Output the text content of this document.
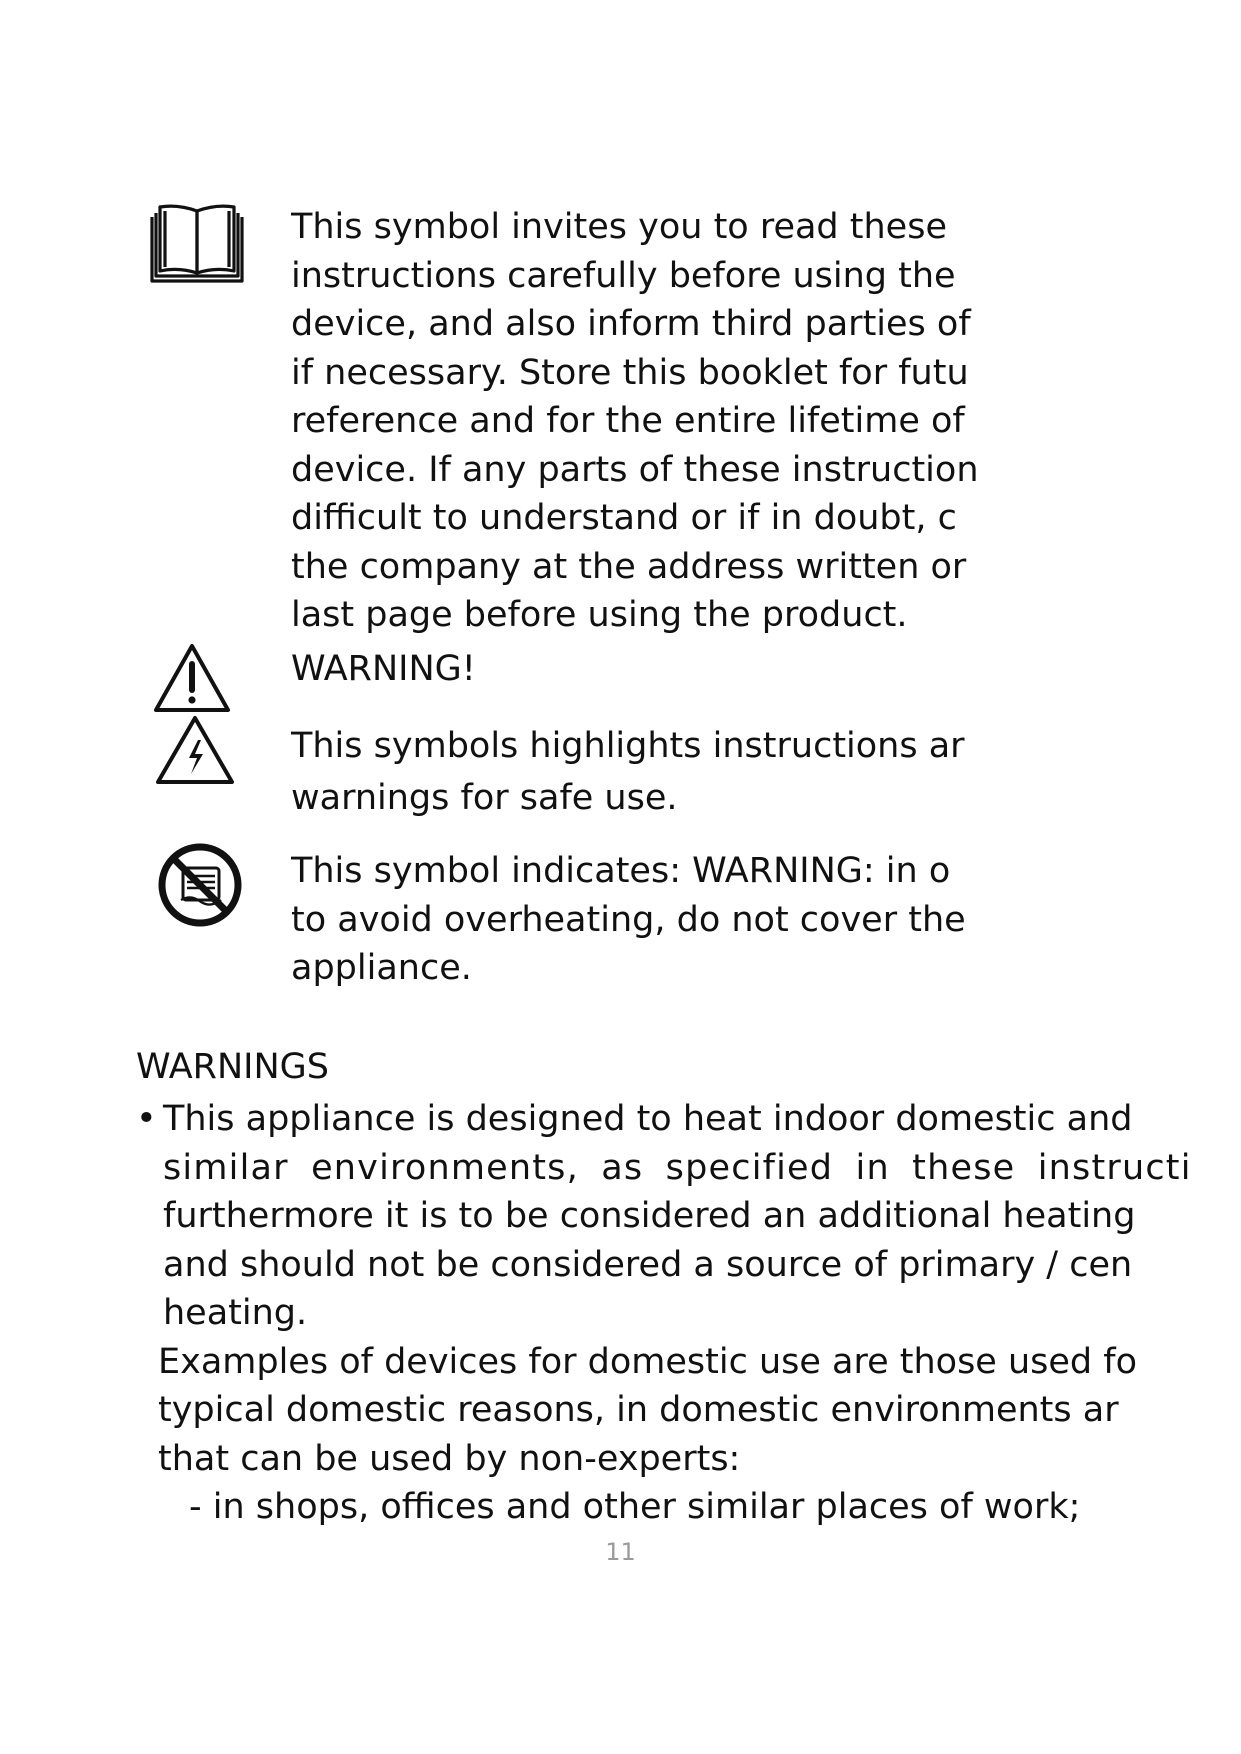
This symbol invites you to read these
instructions carefully before using the
device, and also inform third parties of
if necessary. Store this booklet for futu
reference and for the entire lifetime of
device. If any parts of these instruction
difficult to understand or if in doubt, c
the company at the address written or
last page before using the product.
WARNING!
This symbols highlights instructions ar
warnings for safe use.
This symbol indicates: WARNING: in o
to avoid overheating, do not cover the
appliance.
WARNINGS
• This appliance is designed to heat indoor domestic and
similar environments, as specified in these instructi
furthermore it is to be considered an additional heating
and should not be considered a source of primary / cen
heating.
Examples of devices for domestic use are those used fo
typical domestic reasons, in domestic environments ar
that can be used by non-experts:
- in shops, offices and other similar places of work;
11
